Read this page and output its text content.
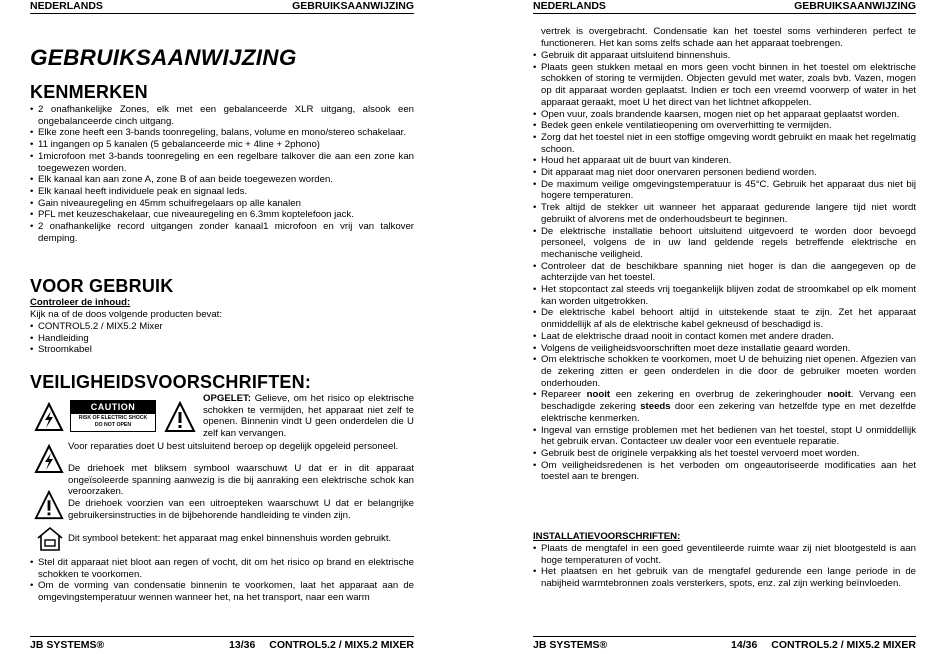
NEDERLANDS	GEBRUIKSAANWIJZING
GEBRUIKSAANWIJZING
KENMERKEN
• 2 onafhankelijke Zones, elk met een gebalanceerde XLR uitgang, alsook een ongebalanceerde cinch uitgang.
• Elke zone heeft een 3-bands toonregeling, balans, volume en mono/stereo schakelaar.
• 11 ingangen op 5 kanalen (5 gebalanceerde mic + 4line + 2phono)
• 1microfoon met 3-bands toonregeling en een regelbare talkover die aan een zone kan toegewezen worden.
• Elk kanaal kan aan zone A, zone B of aan beide toegewezen worden.
• Elk kanaal heeft individuele peak en signaal leds.
• Gain niveauregeling en 45mm schuifregelaars op alle kanalen
• PFL met keuzeschakelaar, cue niveauregeling en 6.3mm koptelefoon jack.
• 2 onafhankelijke record uitgangen zonder kanaal1 microfoon en vrij van talkover demping.
VOOR GEBRUIK
Controleer de inhoud:
Kijk na of de doos volgende producten bevat:
• CONTROL5.2 / MIX5.2 Mixer
• Handleiding
• Stroomkabel
VEILIGHEIDSVOORSCHRIFTEN:
CAUTION
RISK OF ELECTRIC SHOCK
DO NOT OPEN
OPGELET: Gelieve, om het risico op elektrische schokken te vermijden, het apparaat niet zelf te openen. Binnenin vindt U geen onderdelen die U zelf kan vervangen.
Voor reparaties doet U best uitsluitend beroep op degelijk opgeleid personeel.
De driehoek met bliksem symbool waarschuwt U dat er in dit apparaat ongeïsoleerde spanning aanwezig is die bij aanraking een elektrische schok kan veroorzaken.
De driehoek voorzien van een uitroepteken waarschuwt U dat er belangrijke gebruikersinstructies in de bijbehorende handleiding te vinden zijn.
Dit symbool betekent: het apparaat mag enkel binnenshuis worden gebruikt.
• Stel dit apparaat niet bloot aan regen of vocht, dit om het risico op brand en elektrische schokken te voorkomen.
• Om de vorming van condensatie binnenin te voorkomen, laat het apparaat aan de omgevingstemperatuur wennen wanneer het, na het transport, naar een warm
JB SYSTEMS®	13/36 CONTROL5.2 / MIX5.2 MIXER
NEDERLANDS	GEBRUIKSAANWIJZING
vertrek is overgebracht. Condensatie kan het toestel soms verhinderen perfect te functioneren. Het kan soms zelfs schade aan het apparaat toebrengen.
• Gebruik dit apparaat uitsluitend binnenshuis.
• Plaats geen stukken metaal en mors geen vocht binnen in het toestel om elektrische schokken of storing te vermijden. Objecten gevuld met water, zoals bvb. Vazen, mogen op dit apparaat worden geplaatst. Indien er toch een vreemd voorwerp of water in het apparaat geraakt, moet U het direct van het lichtnet afkoppelen.
• Open vuur, zoals brandende kaarsen, mogen niet op het apparaat geplaatst worden.
• Bedek geen enkele ventilatieopening om oververhitting te vermijden.
• Zorg dat het toestel niet in een stoffige omgeving wordt gebruikt en maak het regelmatig schoon.
• Houd het apparaat uit de buurt van kinderen.
• Dit apparaat mag niet door onervaren personen bediend worden.
• De maximum veilige omgevingstemperatuur is 45°C. Gebruik het apparaat dus niet bij hogere temperaturen.
• Trek altijd de stekker uit wanneer het apparaat gedurende langere tijd niet wordt gebruikt of alvorens met de onderhoudsbeurt te beginnen.
• De elektrische installatie behoort uitsluitend uitgevoerd te worden door bevoegd personeel, volgens de in uw land geldende regels betreffende elektrische en mechanische veiligheid.
• Controleer dat de beschikbare spanning niet hoger is dan die aangegeven op de achterzijde van het toestel.
• Het stopcontact zal steeds vrij toegankelijk blijven zodat de stroomkabel op elk moment kan worden uitgetrokken.
• De elektrische kabel behoort altijd in uitstekende staat te zijn. Zet het apparaat onmiddellijk af als de elektrische kabel gekneusd of beschadigd is.
• Laat de elektrische draad nooit in contact komen met andere draden.
• Volgens de veiligheidsvoorschriften moet deze installatie geaard worden.
• Om elektrische schokken te voorkomen, moet U de behuizing niet openen. Afgezien van de zekering zitten er geen onderdelen in die door de gebruiker moeten worden onderhouden.
• Repareer nooit een zekering en overbrug de zekeringhouder nooit. Vervang een beschadigde zekering steeds door een zekering van hetzelfde type en met dezelfde elektrische kenmerken.
• Ingeval van ernstige problemen met het bedienen van het toestel, stopt U onmiddellijk het gebruik ervan. Contacteer uw dealer voor een eventuele reparatie.
• Gebruik best de originele verpakking als het toestel vervoerd moet worden.
• Om veiligheidsredenen is het verboden om ongeautoriseerde modificaties aan het toestel aan te brengen.
INSTALLATIEVOORSCHRIFTEN:
• Plaats de mengtafel in een goed geventileerde ruimte waar zij niet blootgesteld is aan hoge temperaturen of vocht.
• Het plaatsen en het gebruik van de mengtafel gedurende een lange periode in de nabijheid warmtebronnen zoals versterkers, spots, enz. zal zijn werking beïnvloeden.
JB SYSTEMS®	14/36 CONTROL5.2 / MIX5.2 MIXER
